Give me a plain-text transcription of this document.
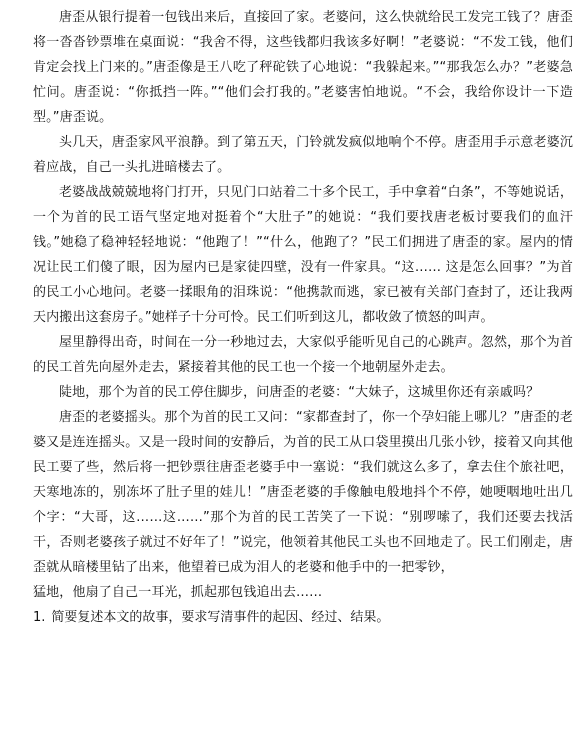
唐歪从银行提着一包钱出来后，直接回了家。老婆问，这么快就给民工发完工钱了？唐歪将一沓沓钞票堆在桌面说：“我舍不得，这些钱都归我该多好啊！”老婆说：“不发工钱，他们肯定会找上门来的。”唐歪像是王八吃了秤砣铁了心地说：“我躲起来。”“那我怎么办？”老婆急忙问。唐歪说：“你抵挡一阵。”“他们会打我的。”老婆害怕地说。“不会，我给你设计一下造型。”唐歪说。

头几天，唐歪家风平浪静。到了第五天，门铃就发疯似地响个不停。唐歪用手示意老婆沉着应战，自己一头扎进暗楼去了。

老婆战战兢兢地将门打开，只见门口站着二十多个民工，手中拿着“白条”，不等她说话，一个为首的民工语气坚定地对挺着个“大肚子”的她说：“我们要找唐老板讨要我们的血汗钱。”她稳了稳神轻轻地说：“他跑了！”“什么，他跑了？”民工们拥进了唐歪的家。屋内的情况让民工们傻了眼，因为屋内已是家徒四壁，没有一件家具。“这…… 这是怎么回事？”为首的民工小心地问。老婆一揉眼角的泪珠说：“他携款而逃，家已被有关部门查封了，还让我两天内搬出这套房子。”她样子十分可怜。民工们听到这儿，都收敛了愤怒的叫声。

屋里静得出奇，时间在一分一秒地过去，大家似乎能听见自己的心跳声。忽然，那个为首的民工首先向屋外走去，紧接着其他的民工也一个接一个地朝屋外走去。

陡地，那个为首的民工停住脚步，问唐歪的老婆：“大妹子，这城里你还有亲戚吗？

唐歪的老婆摇头。那个为首的民工又问：“家都查封了，你一个孕妇能上哪儿？”唐歪的老婆又是连连摇头。又是一段时间的安静后，为首的民工从口袋里摸出几张小钞，接着又向其他民工要了些，然后将一把钞票往唐歪老婆手中一塞说：“我们就这么多了，拿去住个旅社吧，天寒地冻的，别冻坏了肚子里的娃儿！”唐歪老婆的手像触电般地抖个不停，她哽咽地吐出几个字：“大哥，这……这……”那个为首的民工苦笑了一下说：“别啰嗦了，我们还要去找活干，否则老婆孩子就过不好年了！”说完，他领着其他民工头也不回地走了。民工们刚走，唐歪就从暗楼里钻了出来，他望着已成为泪人的老婆和他手中的一把零钞，

猛地，他扇了自己一耳光，抓起那包钱追出去……

1. 简要复述本文的故事，要求写清事件的起因、经过、结果。
